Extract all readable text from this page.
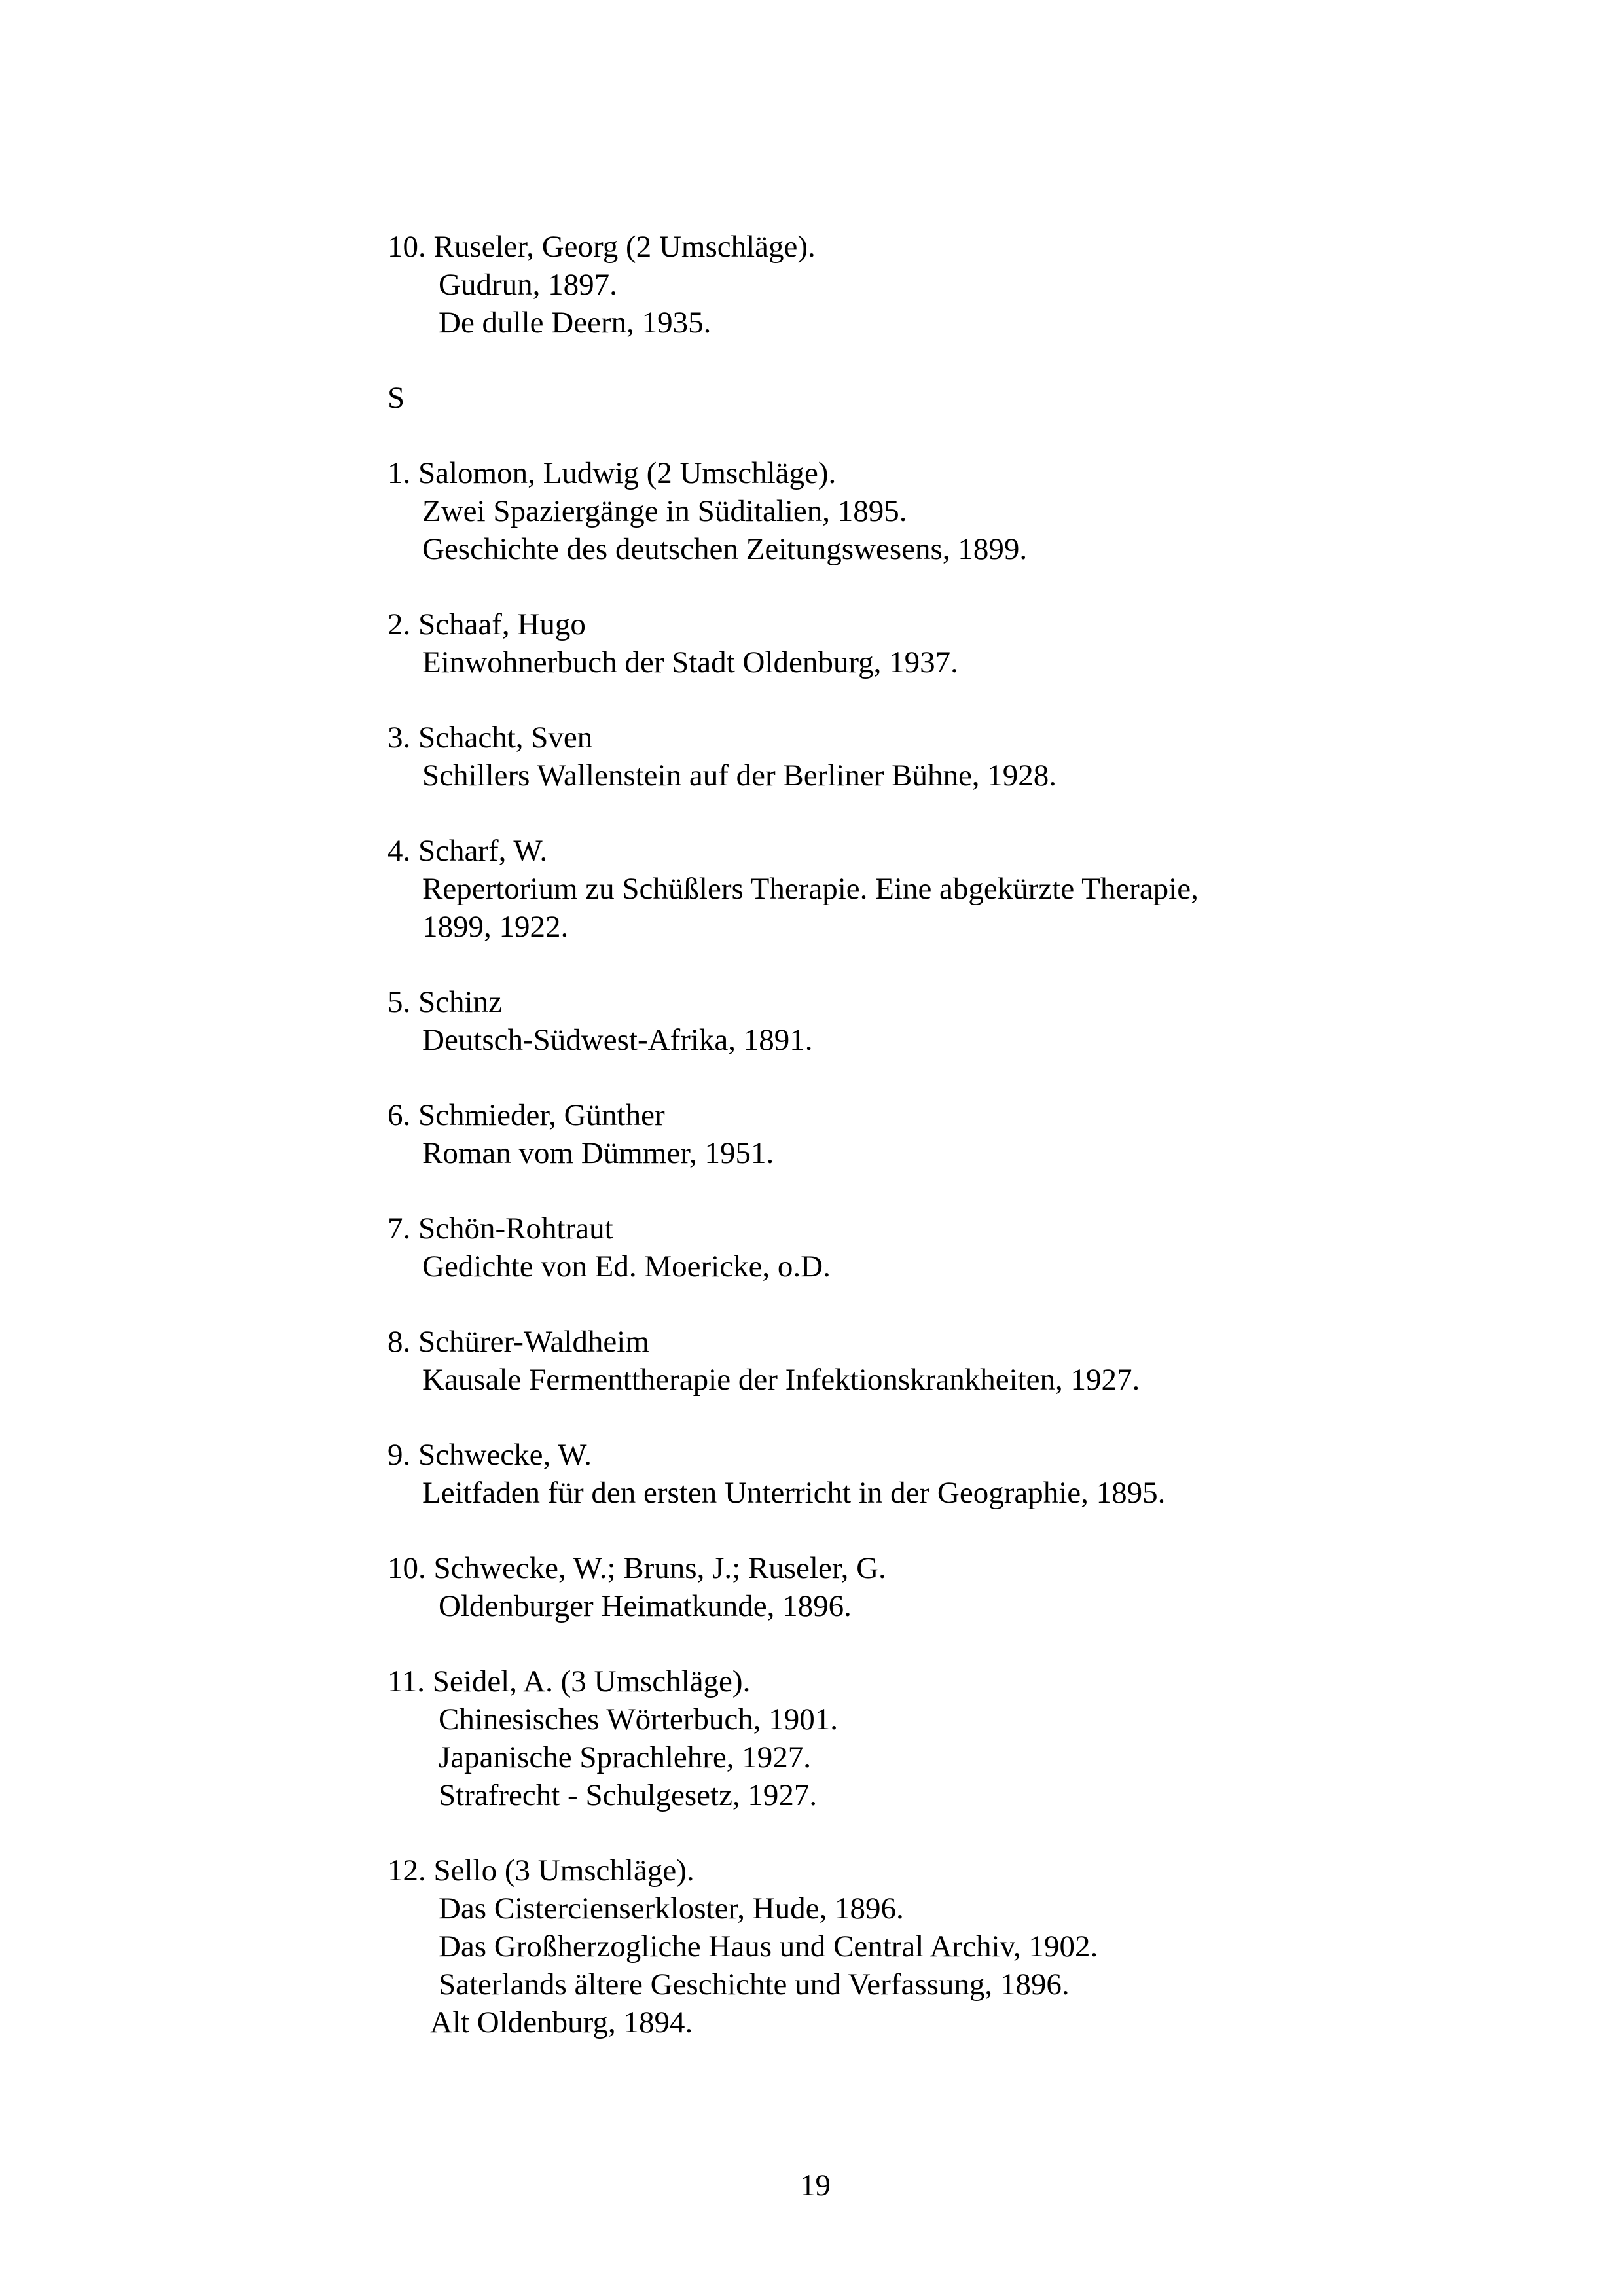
10. Ruseler, Georg (2 Umschläge).
Gudrun, 1897.
De dulle Deern, 1935.
S
1. Salomon, Ludwig (2 Umschläge).
Zwei Spaziergänge in Süditalien, 1895.
Geschichte des deutschen Zeitungswesens, 1899.
2. Schaaf, Hugo
Einwohnerbuch der Stadt Oldenburg, 1937.
3. Schacht, Sven
Schillers Wallenstein auf der Berliner Bühne, 1928.
4. Scharf, W.
Repertorium zu Schüßlers Therapie. Eine abgekürzte Therapie,
1899, 1922.
5. Schinz
Deutsch-Südwest-Afrika, 1891.
6. Schmieder, Günther
Roman vom Dümmer, 1951.
7. Schön-Rohtraut
Gedichte von Ed. Moericke, o.D.
8. Schürer-Waldheim
Kausale Fermenttherapie der Infektionskrankheiten, 1927.
9. Schwecke, W.
Leitfaden für den ersten Unterricht in der Geographie, 1895.
10. Schwecke, W.; Bruns, J.; Ruseler, G.
Oldenburger Heimatkunde, 1896.
11. Seidel, A. (3 Umschläge).
Chinesisches Wörterbuch, 1901.
Japanische Sprachlehre, 1927.
Strafrecht - Schulgesetz, 1927.
12. Sello (3 Umschläge).
Das Cistercienserkloster, Hude, 1896.
Das Großherzogliche Haus und Central Archiv, 1902.
Saterlands ältere Geschichte und Verfassung, 1896.
Alt Oldenburg, 1894.
19
